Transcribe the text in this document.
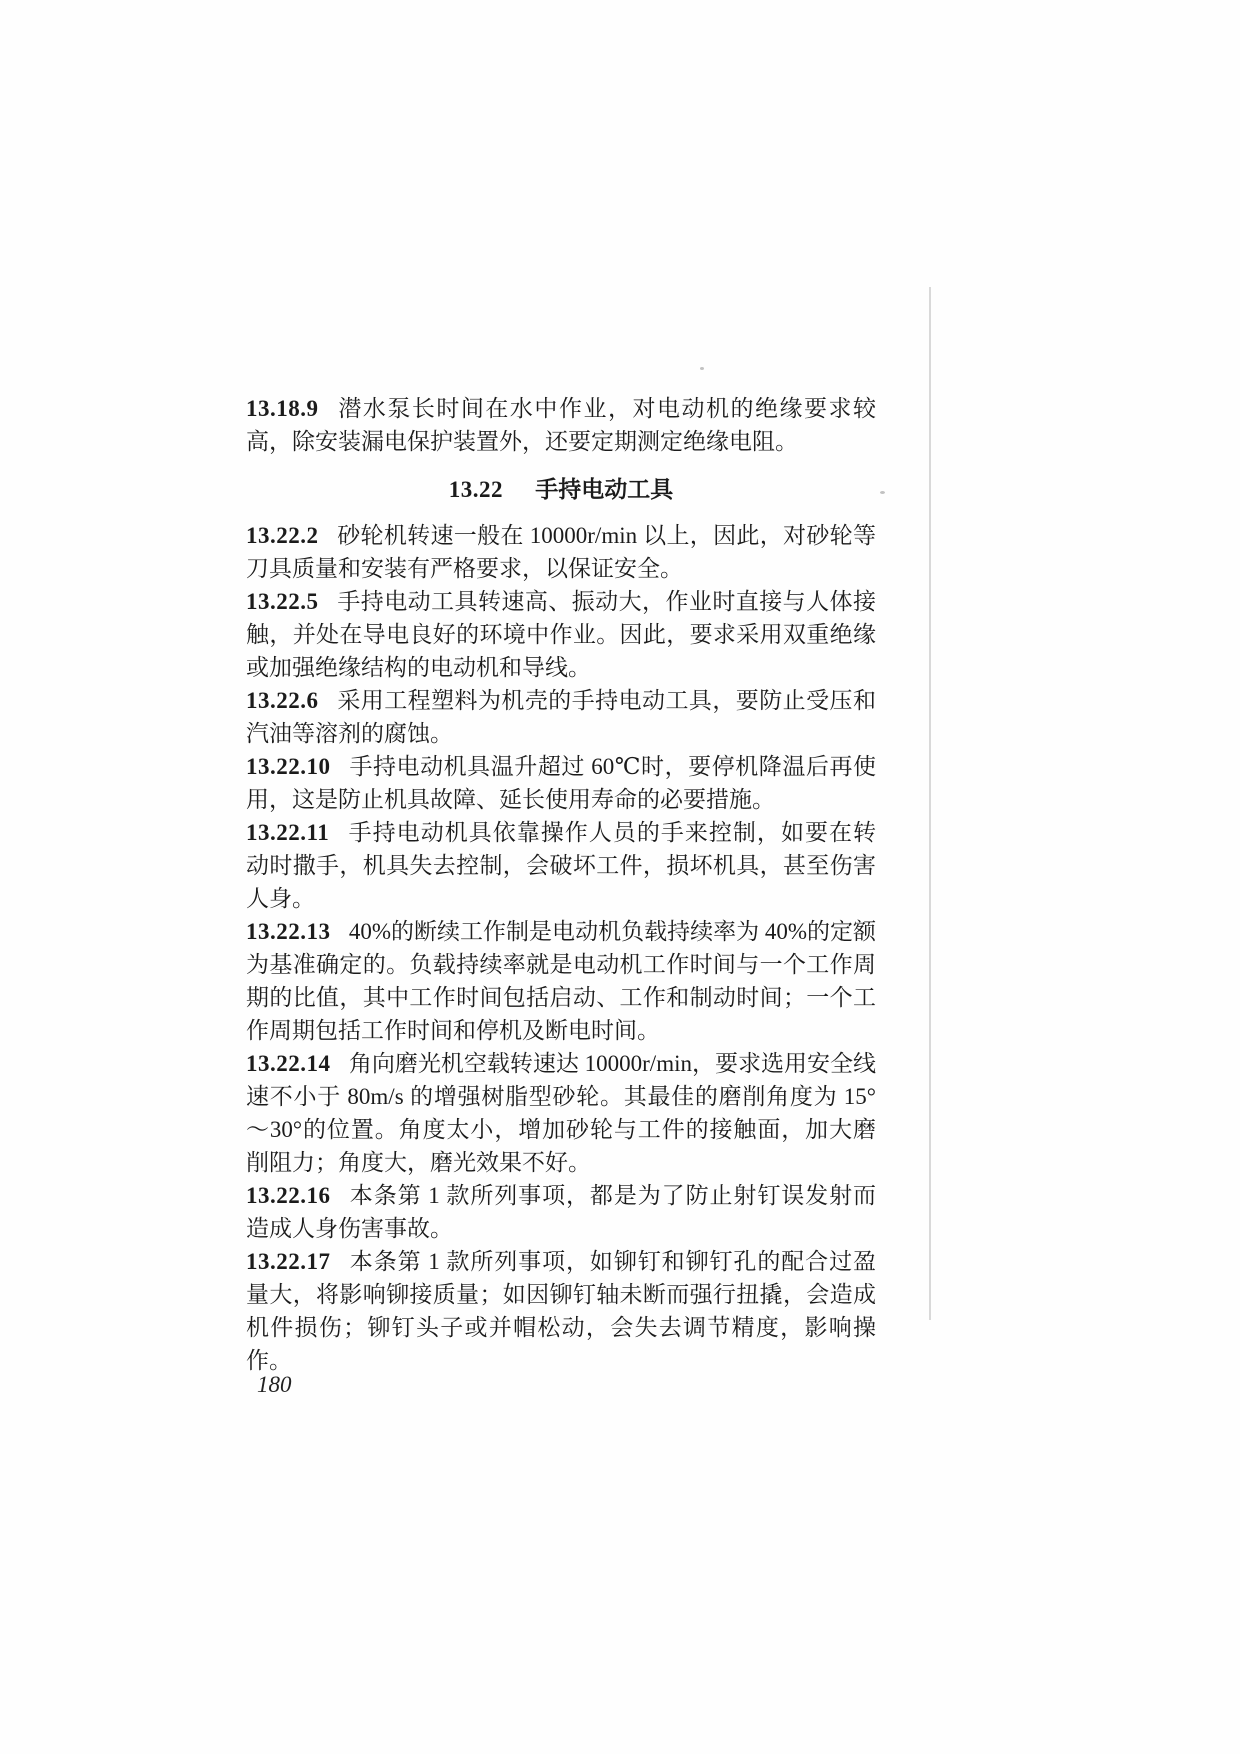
13.18.9 潜水泵长时间在水中作业，对电动机的绝缘要求较高，除安装漏电保护装置外，还要定期测定绝缘电阻。

13.22 手持电动工具

13.22.2 砂轮机转速一般在 10000r/min 以上，因此，对砂轮等刀具质量和安装有严格要求，以保证安全。

13.22.5 手持电动工具转速高、振动大，作业时直接与人体接触，并处在导电良好的环境中作业。因此，要求采用双重绝缘或加强绝缘结构的电动机和导线。

13.22.6 采用工程塑料为机壳的手持电动工具，要防止受压和汽油等溶剂的腐蚀。

13.22.10 手持电动机具温升超过 60℃时，要停机降温后再使用，这是防止机具故障、延长使用寿命的必要措施。

13.22.11 手持电动机具依靠操作人员的手来控制，如要在转动时撒手，机具失去控制，会破坏工件，损坏机具，甚至伤害人身。

13.22.13 40%的断续工作制是电动机负载持续率为 40%的定额为基准确定的。负载持续率就是电动机工作时间与一个工作周期的比值，其中工作时间包括启动、工作和制动时间；一个工作周期包括工作时间和停机及断电时间。

13.22.14 角向磨光机空载转速达 10000r/min，要求选用安全线速不小于 80m/s 的增强树脂型砂轮。其最佳的磨削角度为 15°～30°的位置。角度太小，增加砂轮与工件的接触面，加大磨削阻力；角度大，磨光效果不好。

13.22.16 本条第 1 款所列事项，都是为了防止射钉误发射而造成人身伤害事故。

13.22.17 本条第 1 款所列事项，如铆钉和铆钉孔的配合过盈量大，将影响铆接质量；如因铆钉轴未断而强行扭撬，会造成机件损伤；铆钉头子或并帽松动，会失去调节精度，影响操作。

180
